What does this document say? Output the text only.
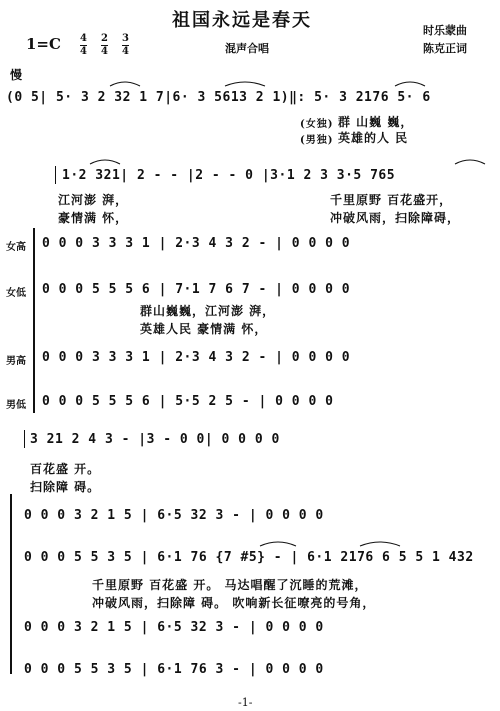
祖国永远是春天	时乐蒙曲
陈克正词
混声合唱
$1=C \frac{4}{4} \frac{2}{4} \frac{3}{4}$
慢
(0 5| 5· 3 2 32 1 7|6· 3 5613 2 1)‖: 5· 3 2176 5· 6
(女独) 群 山巍 巍，
(男独) 英雄的人 民
1·2 321| 2 - - |2 - - 0 |3·1 2 3 3·5 765
江河澎 湃，	千里原野 百花盛开，
豪情满 怀，	冲破风雨，扫除障碍，
女高 0 0 0 3 3 3 1 | 2·3 4 3 2 - | 0 0 0 0
女低 0 0 0 5 5 5 6 | 7·1 7 6 7 - | 0 0 0 0
群山巍巍，江河澎 湃，
英雄人民 豪情满 怀，
男高 0 0 0 3 3 3 1 | 2·3 4 3 2 - | 0 0 0 0
男低 0 0 0 5 5 5 6 | 5·5 2 5 - | 0 0 0 0
3 21 2 4 3 - |3 - 0 0| 0 0 0 0
百花盛 开。
扫除障 碍。
0 0 0 3 2 1 5 | 6·5 32 3 - | 0 0 0 0
0 0 0 5 5 3 5 | 6·1 76 {7 #5} - | 6·1 2176 6 5 5 1 432
千里原野 百花盛 开。 马达唱醒了沉睡的荒滩，
冲破风雨，扫除障 碍。 吹响新长征嘹亮的号角，
0 0 0 3 2 1 5 | 6·5 32 3 - | 0 0 0 0
0 0 0 5 5 3 5 | 6·1 76 3 - | 0 0 0 0
-1-
